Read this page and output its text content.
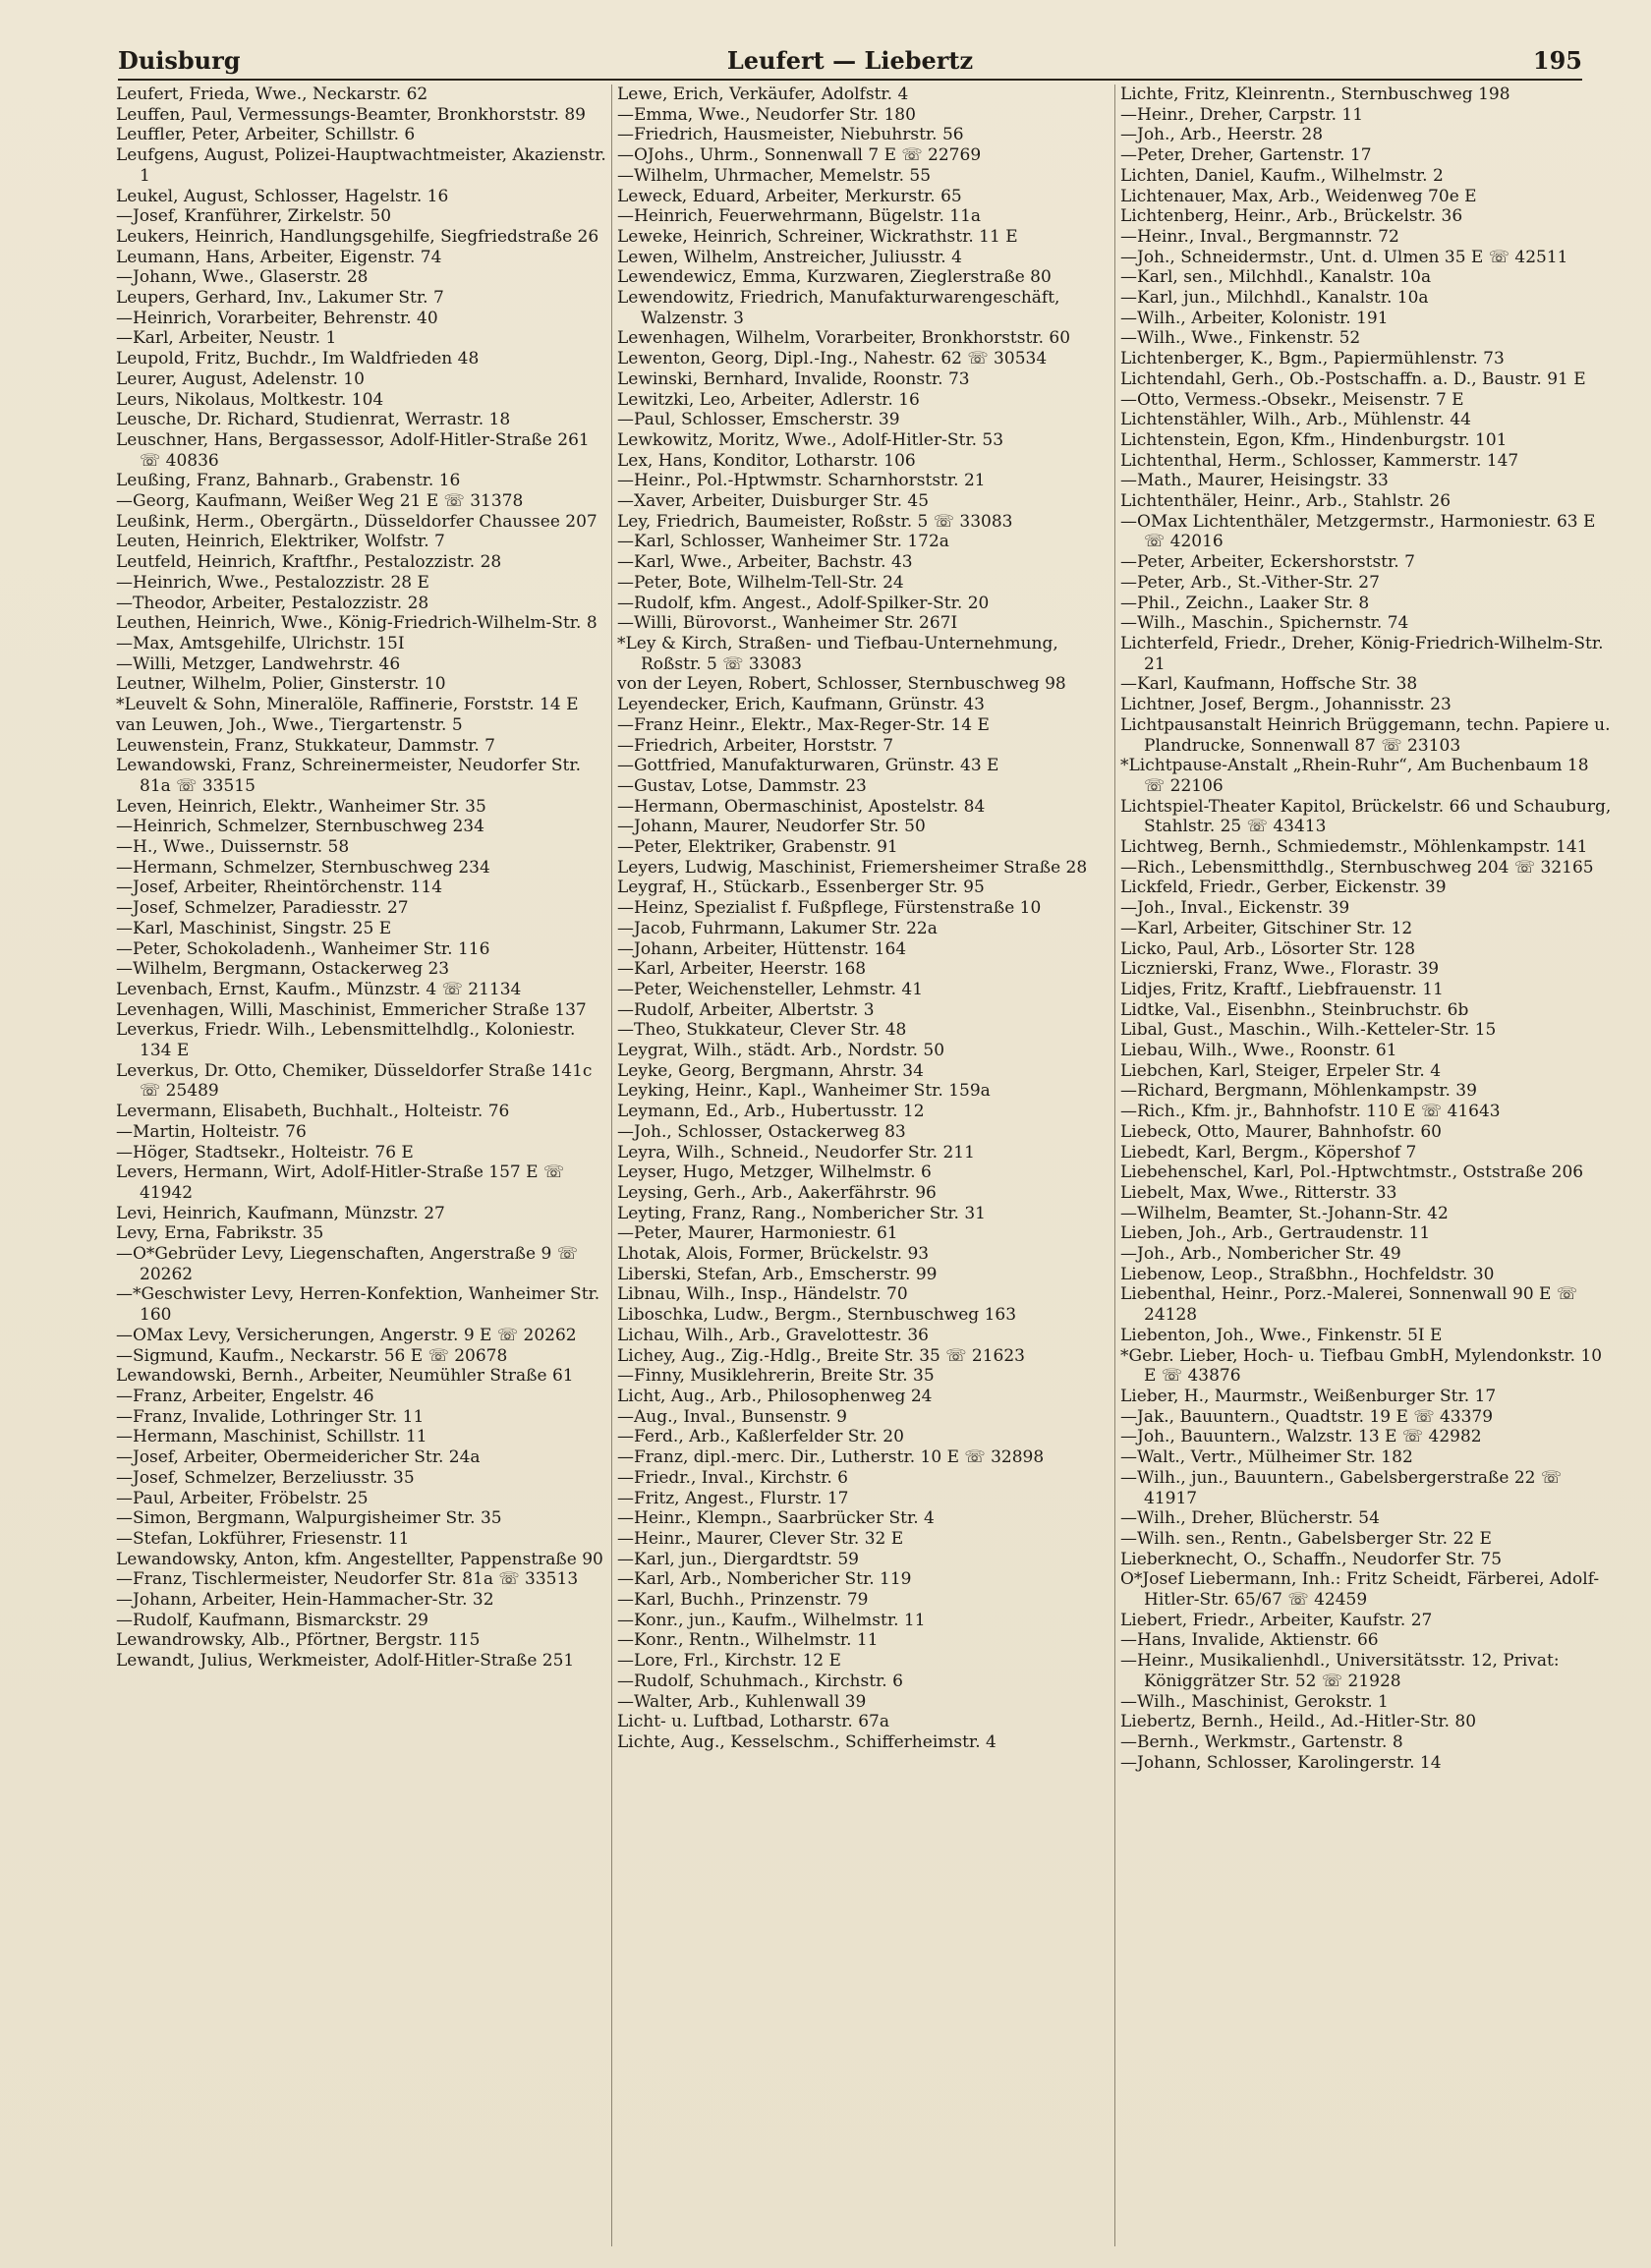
Duisburg	Leufert — Liebertz	195
Leufert, Frieda, Wwe., Neckarstr. 62
Leuffen, Paul, Vermessungs-Beamter, Bronkhorststr. 89
Leuffler, Peter, Arbeiter, Schillstr. 6
Leufgens, August, Polizei-Hauptwachtmeister, Akazienstr. 1
Leukel, August, Schlosser, Hagelstr. 16
—Josef, Kranführer, Zirkelstr. 50
Leukers, Heinrich, Handlungsgehilfe, Siegfriedstraße 26
Leumann, Hans, Arbeiter, Eigenstr. 74
—Johann, Wwe., Glaserstr. 28
Leupers, Gerhard, Inv., Lakumer Str. 7
—Heinrich, Vorarbeiter, Behrenstr. 40
—Karl, Arbeiter, Neustr. 1
Leupold, Fritz, Buchdr., Im Waldfrieden 48
Leurer, August, Adelenstr. 10
Leurs, Nikolaus, Moltkestr. 104
Leusche, Dr. Richard, Studienrat, Werrastr. 18
Leuschner, Hans, Bergassessor, Adolf-Hitler-Straße 261 ☏ 40836
Leußing, Franz, Bahnarb., Grabenstr. 16
—Georg, Kaufmann, Weißer Weg 21 E ☏ 31378
Leußink, Herm., Obergärtn., Düsseldorfer Chaussee 207
Leuten, Heinrich, Elektriker, Wolfstr. 7
Leutfeld, Heinrich, Kraftfhr., Pestalozzistr. 28
—Heinrich, Wwe., Pestalozzistr. 28 E
—Theodor, Arbeiter, Pestalozzistr. 28
Leuthen, Heinrich, Wwe., König-Friedrich-Wilhelm-Str. 8
—Max, Amtsgehilfe, Ulrichstr. 15I
—Willi, Metzger, Landwehrstr. 46
Leutner, Wilhelm, Polier, Ginsterstr. 10
*Leuvelt & Sohn, Mineralöle, Raffinerie, Forststr. 14 E
van Leuwen, Joh., Wwe., Tiergartenstr. 5
Leuwenstein, Franz, Stukkateur, Dammstr. 7
Lewandowski, Franz, Schreinermeister, Neudorfer Str. 81a ☏ 33515
Leven, Heinrich, Elektr., Wanheimer Str. 35
—Heinrich, Schmelzer, Sternbuschweg 234
—H., Wwe., Duissernstr. 58
—Hermann, Schmelzer, Sternbuschweg 234
—Josef, Arbeiter, Rheintörchenstr. 114
—Josef, Schmelzer, Paradiesstr. 27
—Karl, Maschinist, Singstr. 25 E
—Peter, Schokoladenh., Wanheimer Str. 116
—Wilhelm, Bergmann, Ostackerweg 23
Levenbach, Ernst, Kaufm., Münzstr. 4 ☏ 21134
Levenhagen, Willi, Maschinist, Emmericher Straße 137
Leverkus, Friedr. Wilh., Lebensmittelhdlg., Koloniestr. 134 E
Leverkus, Dr. Otto, Chemiker, Düsseldorfer Straße 141c ☏ 25489
Levermann, Elisabeth, Buchhalt., Holteistr. 76
—Martin, Holteistr. 76
—Höger, Stadtsekr., Holteistr. 76 E
Levers, Hermann, Wirt, Adolf-Hitler-Straße 157 E ☏ 41942
Levi, Heinrich, Kaufmann, Münzstr. 27
Levy, Erna, Fabrikstr. 35
—O*Gebrüder Levy, Liegenschaften, Angerstraße 9 ☏ 20262
—*Geschwister Levy, Herren-Konfektion, Wanheimer Str. 160
—OMax Levy, Versicherungen, Angerstr. 9 E ☏ 20262
—Sigmund, Kaufm., Neckarstr. 56 E ☏ 20678
Lewandowski, Bernh., Arbeiter, Neumühler Straße 61
—Franz, Arbeiter, Engelstr. 46
—Franz, Invalide, Lothringer Str. 11
—Hermann, Maschinist, Schillstr. 11
—Josef, Arbeiter, Obermeidericher Str. 24a
—Josef, Schmelzer, Berzeliusstr. 35
—Paul, Arbeiter, Fröbelstr. 25
—Simon, Bergmann, Walpurgisheimer Str. 35
—Stefan, Lokführer, Friesenstr. 11
Lewandowsky, Anton, kfm. Angestellter, Pappenstraße 90
—Franz, Tischlermeister, Neudorfer Str. 81a ☏ 33513
—Johann, Arbeiter, Hein-Hammacher-Str. 32
—Rudolf, Kaufmann, Bismarckstr. 29
Lewandrowsky, Alb., Pförtner, Bergstr. 115
Lewandt, Julius, Werkmeister, Adolf-Hitler-Straße 251
Lewe, Erich, Verkäufer, Adolfstr. 4
—Emma, Wwe., Neudorfer Str. 180
—Friedrich, Hausmeister, Niebuhrstr. 56
—OJohs., Uhrm., Sonnenwall 7 E ☏ 22769
—Wilhelm, Uhrmacher, Memelstr. 55
Leweck, Eduard, Arbeiter, Merkurstr. 65
—Heinrich, Feuerwehrmann, Bügelstr. 11a
Leweke, Heinrich, Schreiner, Wickrathstr. 11 E
Lewen, Wilhelm, Anstreicher, Juliusstr. 4
Lewendewicz, Emma, Kurzwaren, Zieglerstraße 80
Lewendowitz, Friedrich, Manufakturwarengeschäft, Walzenstr. 3
Lewenhagen, Wilhelm, Vorarbeiter, Bronkhorststr. 60
Lewenton, Georg, Dipl.-Ing., Nahestr. 62 ☏ 30534
Lewinski, Bernhard, Invalide, Roonstr. 73
Lewitzki, Leo, Arbeiter, Adlerstr. 16
—Paul, Schlosser, Emscherstr. 39
Lewkowitz, Moritz, Wwe., Adolf-Hitler-Str. 53
Lex, Hans, Konditor, Lotharstr. 106
—Heinr., Pol.-Hptwmstr. Scharnhorststr. 21
—Xaver, Arbeiter, Duisburger Str. 45
Ley, Friedrich, Baumeister, Roßstr. 5 ☏ 33083
—Karl, Schlosser, Wanheimer Str. 172a
—Karl, Wwe., Arbeiter, Bachstr. 43
—Peter, Bote, Wilhelm-Tell-Str. 24
—Rudolf, kfm. Angest., Adolf-Spilker-Str. 20
—Willi, Bürovorst., Wanheimer Str. 267I
*Ley & Kirch, Straßen- und Tiefbau-Unternehmung, Roßstr. 5 ☏ 33083
von der Leyen, Robert, Schlosser, Sternbuschweg 98
Leyendecker, Erich, Kaufmann, Grünstr. 43
—Franz Heinr., Elektr., Max-Reger-Str. 14 E
—Friedrich, Arbeiter, Horststr. 7
—Gottfried, Manufakturwaren, Grünstr. 43 E
—Gustav, Lotse, Dammstr. 23
—Hermann, Obermaschinist, Apostelstr. 84
—Johann, Maurer, Neudorfer Str. 50
—Peter, Elektriker, Grabenstr. 91
Leyers, Ludwig, Maschinist, Friemersheimer Straße 28
Leygraf, H., Stückarb., Essenberger Str. 95
—Heinz, Spezialist f. Fußpflege, Fürstenstraße 10
—Jacob, Fuhrmann, Lakumer Str. 22a
—Johann, Arbeiter, Hüttenstr. 164
—Karl, Arbeiter, Heerstr. 168
—Peter, Weichensteller, Lehmstr. 41
—Rudolf, Arbeiter, Albertstr. 3
—Theo, Stukkateur, Clever Str. 48
Leygrat, Wilh., städt. Arb., Nordstr. 50
Leyke, Georg, Bergmann, Ahrstr. 34
Leyking, Heinr., Kapl., Wanheimer Str. 159a
Leymann, Ed., Arb., Hubertusstr. 12
—Joh., Schlosser, Ostackerweg 83
Leyra, Wilh., Schneid., Neudorfer Str. 211
Leyser, Hugo, Metzger, Wilhelmstr. 6
Leysing, Gerh., Arb., Aakerfährstr. 96
Leyting, Franz, Rang., Nombericher Str. 31
—Peter, Maurer, Harmoniestr. 61
Lhotak, Alois, Former, Brückelstr. 93
Liberski, Stefan, Arb., Emscherstr. 99
Libnau, Wilh., Insp., Händelstr. 70
Liboschka, Ludw., Bergm., Sternbuschweg 163
Lichau, Wilh., Arb., Gravelottestr. 36
Lichey, Aug., Zig.-Hdlg., Breite Str. 35 ☏ 21623
—Finny, Musiklehrerin, Breite Str. 35
Licht, Aug., Arb., Philosophenweg 24
—Aug., Inval., Bunsenstr. 9
—Ferd., Arb., Kaßlerfelder Str. 20
—Franz, dipl.-merc. Dir., Lutherstr. 10 E ☏ 32898
—Friedr., Inval., Kirchstr. 6
—Fritz, Angest., Flurstr. 17
—Heinr., Klempn., Saarbrücker Str. 4
—Heinr., Maurer, Clever Str. 32 E
—Karl, jun., Diergardtstr. 59
—Karl, Arb., Nombericher Str. 119
—Karl, Buchh., Prinzenstr. 79
—Konr., jun., Kaufm., Wilhelmstr. 11
—Konr., Rentn., Wilhelmstr. 11
—Lore, Frl., Kirchstr. 12 E
—Rudolf, Schuhmach., Kirchstr. 6
—Walter, Arb., Kuhlenwall 39
Licht- u. Luftbad, Lotharstr. 67a
Lichte, Aug., Kesselschm., Schifferheimstr. 4
Lichte, Fritz, Kleinrentn., Sternbuschweg 198
—Heinr., Dreher, Carpstr. 11
—Joh., Arb., Heerstr. 28
—Peter, Dreher, Gartenstr. 17
Lichten, Daniel, Kaufm., Wilhelmstr. 2
Lichtenauer, Max, Arb., Weidenweg 70e E
Lichtenberg, Heinr., Arb., Brückelstr. 36
—Heinr., Inval., Bergmannstr. 72
—Joh., Schneidermstr., Unt. d. Ulmen 35 E ☏ 42511
—Karl, sen., Milchhdl., Kanalstr. 10a
—Karl, jun., Milchhdl., Kanalstr. 10a
—Wilh., Arbeiter, Kolonistr. 191
—Wilh., Wwe., Finkenstr. 52
Lichtenberger, K., Bgm., Papiermühlenstr. 73
Lichtendahl, Gerh., Ob.-Postschaffn. a. D., Baustr. 91 E
—Otto, Vermess.-Obsekr., Meisenstr. 7 E
Lichtenstähler, Wilh., Arb., Mühlenstr. 44
Lichtenstein, Egon, Kfm., Hindenburgstr. 101
Lichtenthal, Herm., Schlosser, Kammerstr. 147
—Math., Maurer, Heisingstr. 33
Lichtenthäler, Heinr., Arb., Stahlstr. 26
—OMax Lichtenthäler, Metzgermstr., Harmoniestr. 63 E ☏ 42016
—Peter, Arbeiter, Eckershorststr. 7
—Peter, Arb., St.-Vither-Str. 27
—Phil., Zeichn., Laaker Str. 8
—Wilh., Maschin., Spichernstr. 74
Lichterfeld, Friedr., Dreher, König-Friedrich-Wilhelm-Str. 21
—Karl, Kaufmann, Hoffsche Str. 38
Lichtner, Josef, Bergm., Johannisstr. 23
Lichtpausanstalt Heinrich Brüggemann, techn. Papiere u. Plandrucke, Sonnenwall 87 ☏ 23103
*Lichtpause-Anstalt „Rhein-Ruhr“, Am Buchenbaum 18 ☏ 22106
Lichtspiel-Theater Kapitol, Brückelstr. 66 und Schauburg, Stahlstr. 25 ☏ 43413
Lichtweg, Bernh., Schmiedemstr., Möhlenkampstr. 141
—Rich., Lebensmitthdlg., Sternbuschweg 204 ☏ 32165
Lickfeld, Friedr., Gerber, Eickenstr. 39
—Joh., Inval., Eickenstr. 39
—Karl, Arbeiter, Gitschiner Str. 12
Licko, Paul, Arb., Lösorter Str. 128
Licznierski, Franz, Wwe., Florastr. 39
Lidjes, Fritz, Kraftf., Liebfrauenstr. 11
Lidtke, Val., Eisenbhn., Steinbruchstr. 6b
Libal, Gust., Maschin., Wilh.-Ketteler-Str. 15
Liebau, Wilh., Wwe., Roonstr. 61
Liebchen, Karl, Steiger, Erpeler Str. 4
—Richard, Bergmann, Möhlenkampstr. 39
—Rich., Kfm. jr., Bahnhofstr. 110 E ☏ 41643
Liebeck, Otto, Maurer, Bahnhofstr. 60
Liebedt, Karl, Bergm., Köpershof 7
Liebehenschel, Karl, Pol.-Hptwchtmstr., Oststraße 206
Liebelt, Max, Wwe., Ritterstr. 33
—Wilhelm, Beamter, St.-Johann-Str. 42
Lieben, Joh., Arb., Gertraudenstr. 11
—Joh., Arb., Nombericher Str. 49
Liebenow, Leop., Straßbhn., Hochfeldstr. 30
Liebenthal, Heinr., Porz.-Malerei, Sonnenwall 90 E ☏ 24128
Liebenton, Joh., Wwe., Finkenstr. 5I E
*Gebr. Lieber, Hoch- u. Tiefbau GmbH, Mylendonkstr. 10 E ☏ 43876
Lieber, H., Maurmstr., Weißenburger Str. 17
—Jak., Bauuntern., Quadtstr. 19 E ☏ 43379
—Joh., Bauuntern., Walzstr. 13 E ☏ 42982
—Walt., Vertr., Mülheimer Str. 182
—Wilh., jun., Bauuntern., Gabelsbergerstraße 22 ☏ 41917
—Wilh., Dreher, Blücherstr. 54
—Wilh. sen., Rentn., Gabelsberger Str. 22 E
Lieberknecht, O., Schaffn., Neudorfer Str. 75
O*Josef Liebermann, Inh.: Fritz Scheidt, Färberei, Adolf-Hitler-Str. 65/67 ☏ 42459
Liebert, Friedr., Arbeiter, Kaufstr. 27
—Hans, Invalide, Aktienstr. 66
—Heinr., Musikalienhdl., Universitätsstr. 12, Privat: Königgrätzer Str. 52 ☏ 21928
—Wilh., Maschinist, Gerokstr. 1
Liebertz, Bernh., Heild., Ad.-Hitler-Str. 80
—Bernh., Werkmstr., Gartenstr. 8
—Johann, Schlosser, Karolingerstr. 14
